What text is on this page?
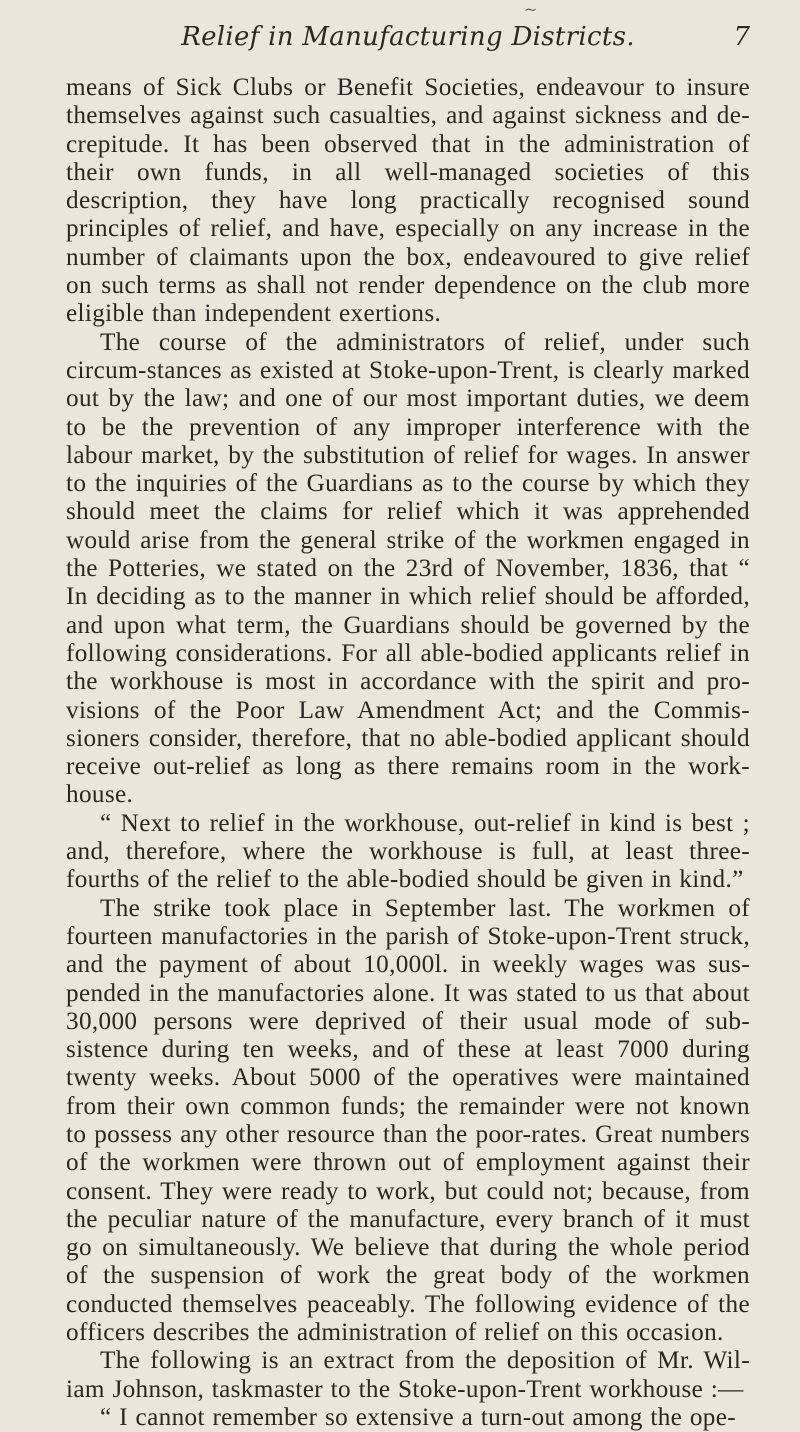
~
Relief in Manufacturing Districts.	7

means of Sick Clubs or Benefit Societies, endeavour to insure themselves against such casualties, and against sickness and de-crepitude. It has been observed that in the administration of their own funds, in all well-managed societies of this description, they have long practically recognised sound principles of relief, and have, especially on any increase in the number of claimants upon the box, endeavoured to give relief on such terms as shall not render dependence on the club more eligible than independent exertions.

The course of the administrators of relief, under such circum-stances as existed at Stoke-upon-Trent, is clearly marked out by the law; and one of our most important duties, we deem to be the prevention of any improper interference with the labour market, by the substitution of relief for wages. In answer to the inquiries of the Guardians as to the course by which they should meet the claims for relief which it was apprehended would arise from the general strike of the workmen engaged in the Potteries, we stated on the 23rd of November, 1836, that “ In deciding as to the manner in which relief should be afforded, and upon what term, the Guardians should be governed by the following considerations. For all able-bodied applicants relief in the workhouse is most in accordance with the spirit and pro-visions of the Poor Law Amendment Act; and the Commis-sioners consider, therefore, that no able-bodied applicant should receive out-relief as long as there remains room in the work-house.

“ Next to relief in the workhouse, out-relief in kind is best ; and, therefore, where the workhouse is full, at least three-fourths of the relief to the able-bodied should be given in kind.”

The strike took place in September last. The workmen of fourteen manufactories in the parish of Stoke-upon-Trent struck, and the payment of about 10,000l. in weekly wages was sus-pended in the manufactories alone. It was stated to us that about 30,000 persons were deprived of their usual mode of sub-sistence during ten weeks, and of these at least 7000 during twenty weeks. About 5000 of the operatives were maintained from their own common funds; the remainder were not known to possess any other resource than the poor-rates. Great numbers of the workmen were thrown out of employment against their consent. They were ready to work, but could not; because, from the peculiar nature of the manufacture, every branch of it must go on simultaneously. We believe that during the whole period of the suspension of work the great body of the workmen conducted themselves peaceably. The following evidence of the officers describes the administration of relief on this occasion.

The following is an extract from the deposition of Mr. Wil-iam Johnson, taskmaster to the Stoke-upon-Trent workhouse :—

“ I cannot remember so extensive a turn-out among the ope-
